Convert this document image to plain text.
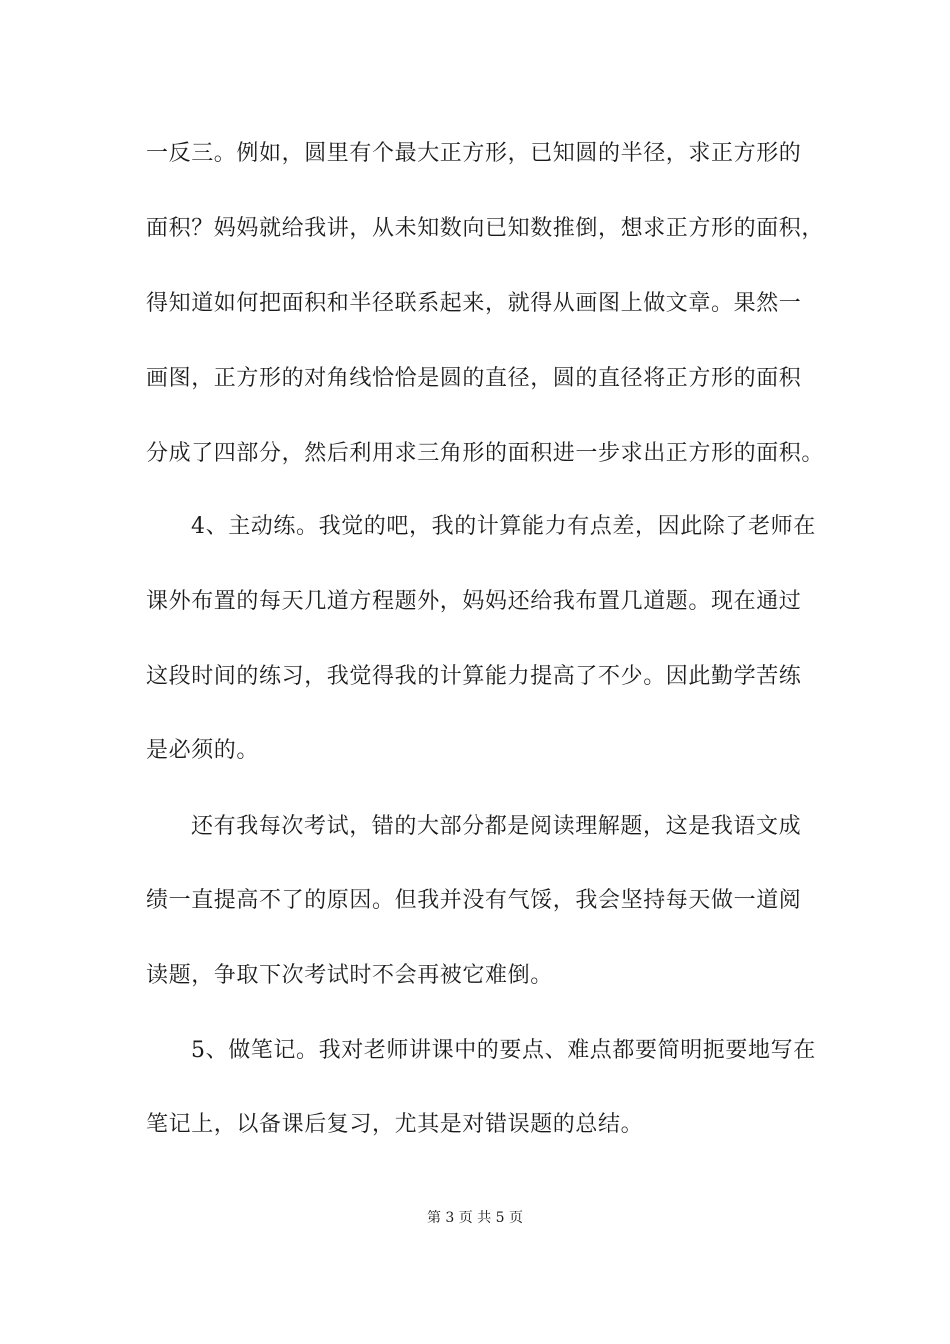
一反三。例如，圆里有个最大正方形，已知圆的半径，求正方形的
面积？妈妈就给我讲，从未知数向已知数推倒，想求正方形的面积，
得知道如何把面积和半径联系起来，就得从画图上做文章。果然一
画图，正方形的对角线恰恰是圆的直径，圆的直径将正方形的面积
分成了四部分，然后利用求三角形的面积进一步求出正方形的面积。
4、主动练。我觉的吧，我的计算能力有点差，因此除了老师在
课外布置的每天几道方程题外，妈妈还给我布置几道题。现在通过
这段时间的练习，我觉得我的计算能力提高了不少。因此勤学苦练
是必须的。
还有我每次考试，错的大部分都是阅读理解题，这是我语文成
绩一直提高不了的原因。但我并没有气馁，我会坚持每天做一道阅
读题，争取下次考试时不会再被它难倒。
5、做笔记。我对老师讲课中的要点、难点都要简明扼要地写在
笔记上，以备课后复习，尤其是对错误题的总结。
第 3 页 共 5 页
